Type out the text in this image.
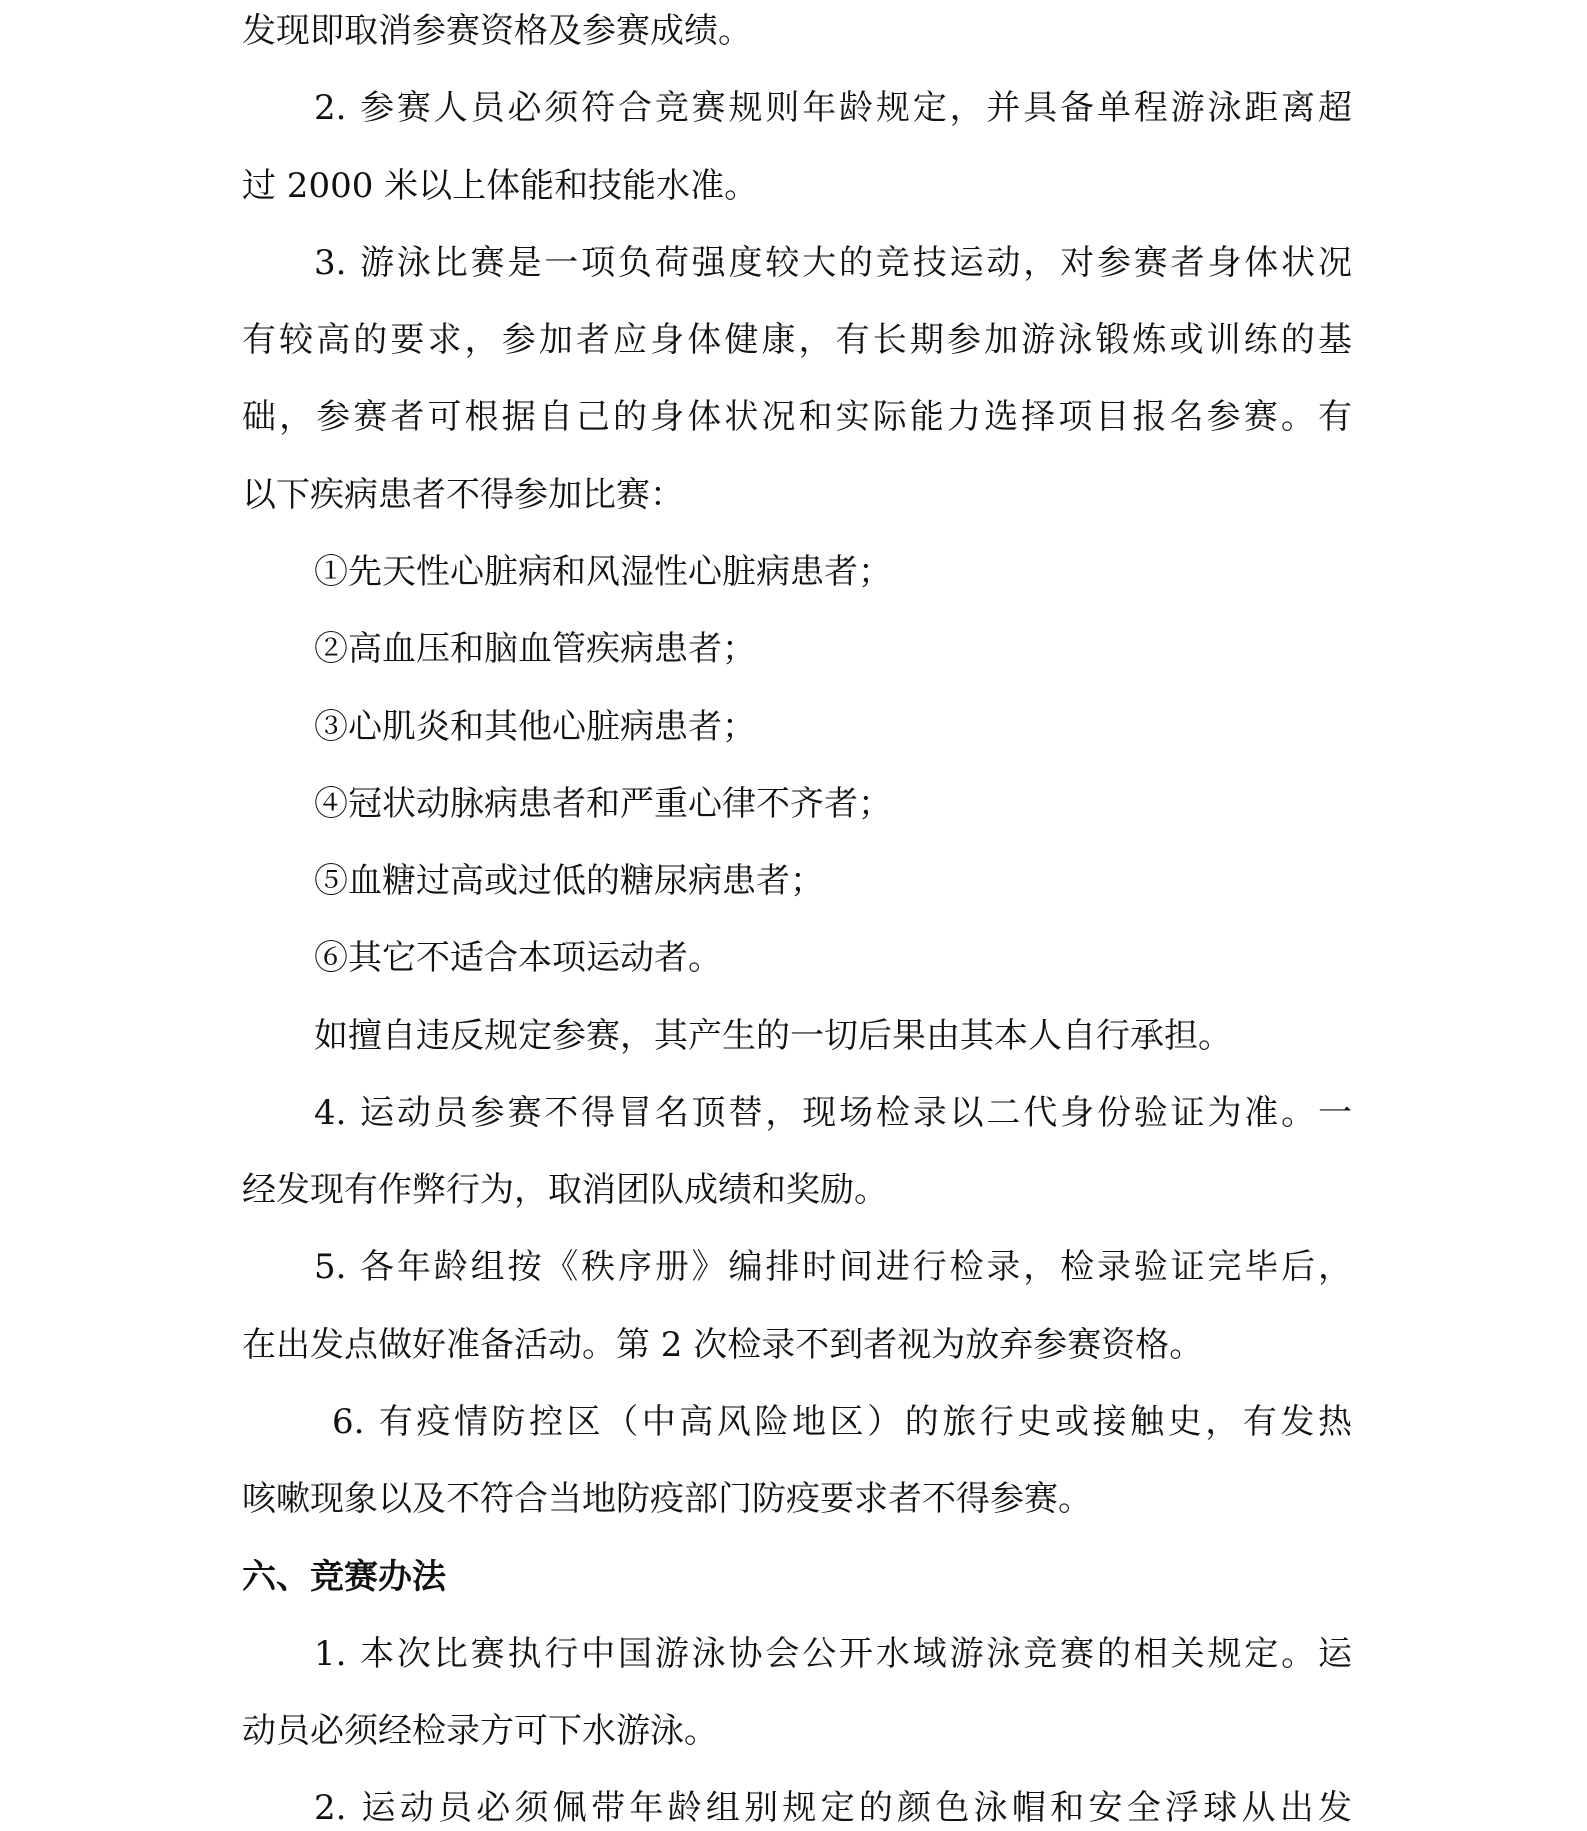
发现即取消参赛资格及参赛成绩。

2. 参赛人员必须符合竞赛规则年龄规定，并具备单程游泳距离超

过 2000 米以上体能和技能水准。

3. 游泳比赛是一项负荷强度较大的竞技运动，对参赛者身体状况

有较高的要求，参加者应身体健康，有长期参加游泳锻炼或训练的基

础，参赛者可根据自己的身体状况和实际能力选择项目报名参赛。有

以下疾病患者不得参加比赛：

①先天性心脏病和风湿性心脏病患者；

②高血压和脑血管疾病患者；

③心肌炎和其他心脏病患者；

④冠状动脉病患者和严重心律不齐者；

⑤血糖过高或过低的糖尿病患者；

⑥其它不适合本项运动者。

如擅自违反规定参赛，其产生的一切后果由其本人自行承担。

4. 运动员参赛不得冒名顶替，现场检录以二代身份验证为准。一

经发现有作弊行为，取消团队成绩和奖励。

5. 各年龄组按《秩序册》编排时间进行检录，检录验证完毕后，

在出发点做好准备活动。第 2 次检录不到者视为放弃参赛资格。

6. 有疫情防控区（中高风险地区）的旅行史或接触史，有发热

咳嗽现象以及不符合当地防疫部门防疫要求者不得参赛。

六、竞赛办法

1. 本次比赛执行中国游泳协会公开水域游泳竞赛的相关规定。运

动员必须经检录方可下水游泳。

2. 运动员必须佩带年龄组别规定的颜色泳帽和安全浮球从出发
